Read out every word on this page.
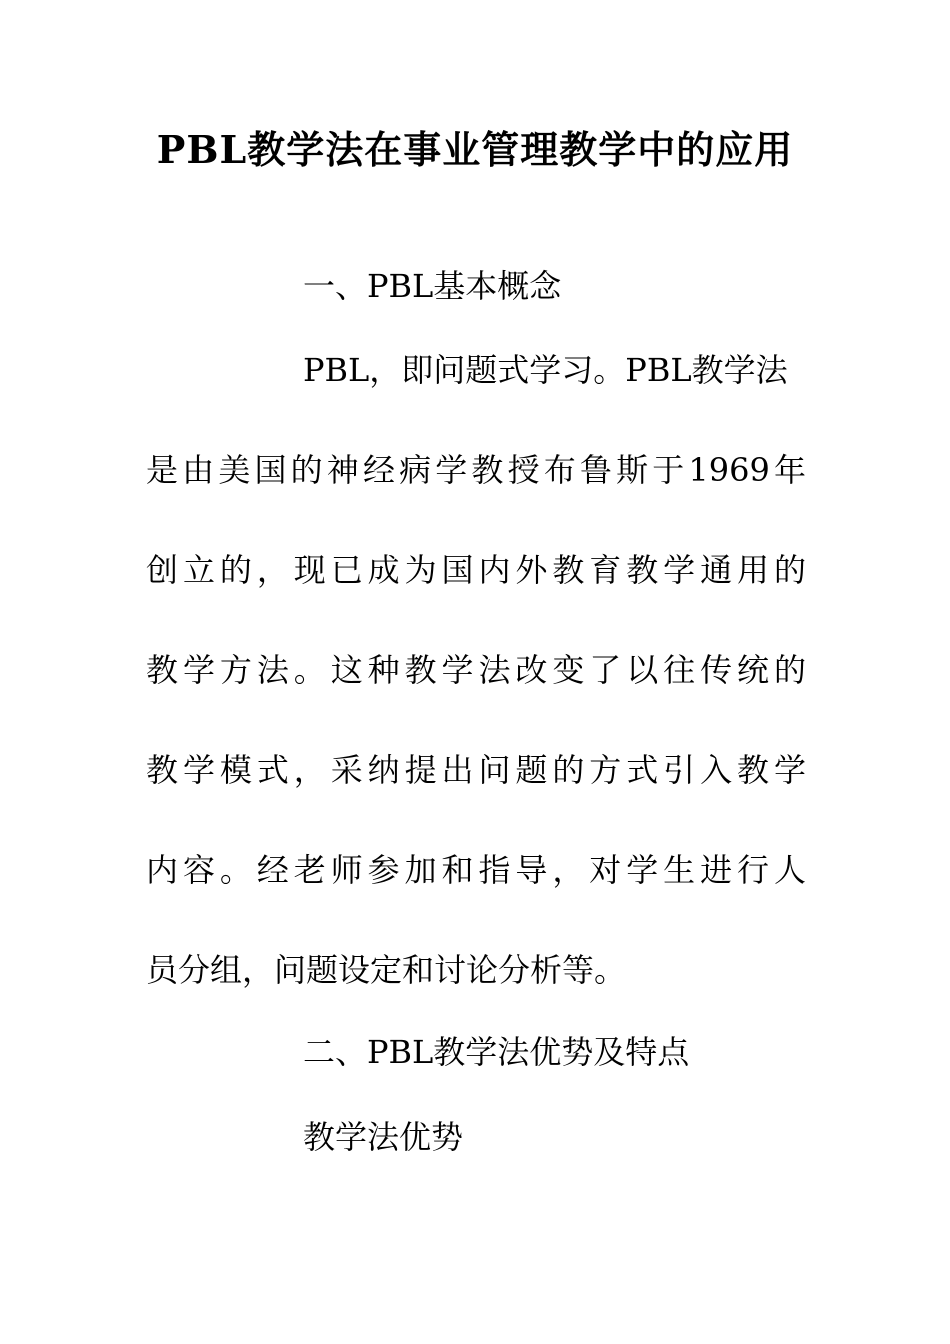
PBL教学法在事业管理教学中的应用

一、PBL基本概念

PBL，即问题式学习。PBL教学法

是由美国的神经病学教授布鲁斯于1969年

创立的，现已成为国内外教育教学通用的

教学方法。这种教学法改变了以往传统的

教学模式，采纳提出问题的方式引入教学

内容。经老师参加和指导，对学生进行人

员分组，问题设定和讨论分析等。

二、PBL教学法优势及特点

教学法优势
